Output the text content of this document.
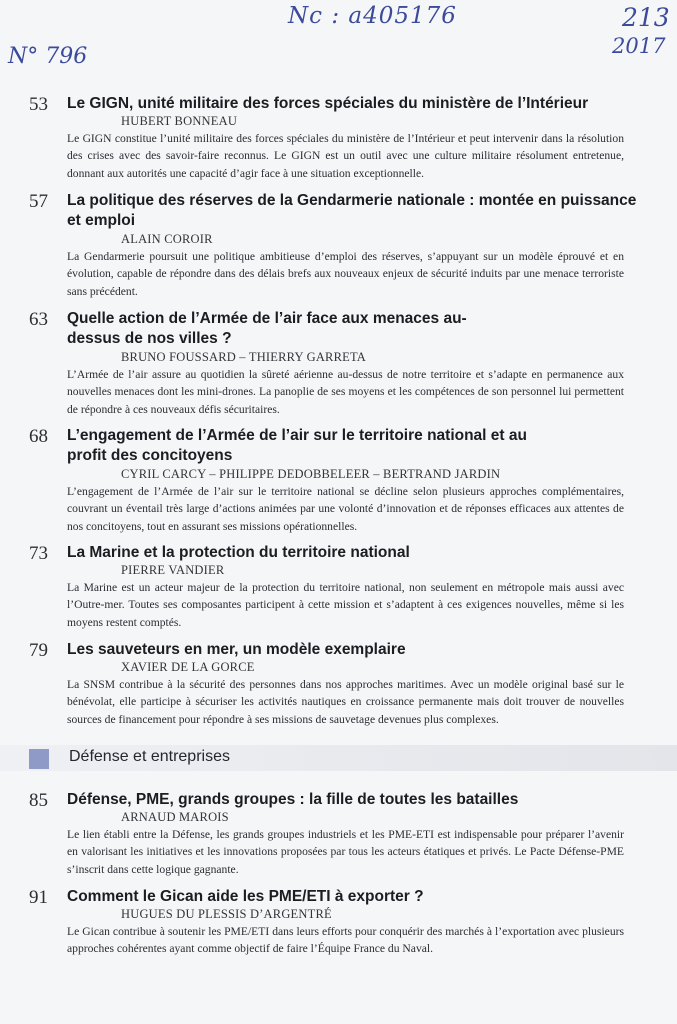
Nc : a405176
N° 796
213
2017
53 Le GIGN, unité militaire des forces spéciales du ministère de l’Intérieur
HUBERT BONNEAU
Le GIGN constitue l’unité militaire des forces spéciales du ministère de l’Intérieur et peut intervenir dans la résolution des crises avec des savoir-faire reconnus. Le GIGN est un outil avec une culture militaire résolument entretenue, donnant aux autorités une capacité d’agir face à une situation exceptionnelle.
57 La politique des réserves de la Gendarmerie nationale : montée en puissance et emploi
ALAIN COROIR
La Gendarmerie poursuit une politique ambitieuse d’emploi des réserves, s’appuyant sur un modèle éprouvé et en évolution, capable de répondre dans des délais brefs aux nouveaux enjeux de sécurité induits par une menace terroriste sans précédent.
63 Quelle action de l’Armée de l’air face aux menaces au-dessus de nos villes ?
BRUNO FOUSSARD – THIERRY GARRETA
L’Armée de l’air assure au quotidien la sûreté aérienne au-dessus de notre territoire et s’adapte en permanence aux nouvelles menaces dont les mini-drones. La panoplie de ses moyens et les compétences de son personnel lui permettent de répondre à ces nouveaux défis sécuritaires.
68 L’engagement de l’Armée de l’air sur le territoire national et au profit des concitoyens
CYRIL CARCY – PHILIPPE DEDOBBELEER – BERTRAND JARDIN
L’engagement de l’Armée de l’air sur le territoire national se décline selon plusieurs approches complémentaires, couvrant un éventail très large d’actions animées par une volonté d’innovation et de réponses efficaces aux attentes de nos concitoyens, tout en assurant ses missions opérationnelles.
73 La Marine et la protection du territoire national
PIERRE VANDIER
La Marine est un acteur majeur de la protection du territoire national, non seulement en métropole mais aussi avec l’Outre-mer. Toutes ses composantes participent à cette mission et s’adaptent à ces exigences nouvelles, même si les moyens restent comptés.
79 Les sauveteurs en mer, un modèle exemplaire
XAVIER DE LA GORCE
La SNSM contribue à la sécurité des personnes dans nos approches maritimes. Avec un modèle original basé sur le bénévolat, elle participe à sécuriser les activités nautiques en croissance permanente mais doit trouver de nouvelles sources de financement pour répondre à ses missions de sauvetage devenues plus complexes.
Défense et entreprises
85 Défense, PME, grands groupes : la fille de toutes les batailles
ARNAUD MAROIS
Le lien établi entre la Défense, les grands groupes industriels et les PME-ETI est indispensable pour préparer l’avenir en valorisant les initiatives et les innovations proposées par tous les acteurs étatiques et privés. Le Pacte Défense-PME s’inscrit dans cette logique gagnante.
91 Comment le Gican aide les PME/ETI à exporter ?
HUGUES DU PLESSIS D’ARGENTRÉ
Le Gican contribue à soutenir les PME/ETI dans leurs efforts pour conquérir des marchés à l’exportation avec plusieurs approches cohérentes ayant comme objectif de faire l’Équipe France du Naval.
